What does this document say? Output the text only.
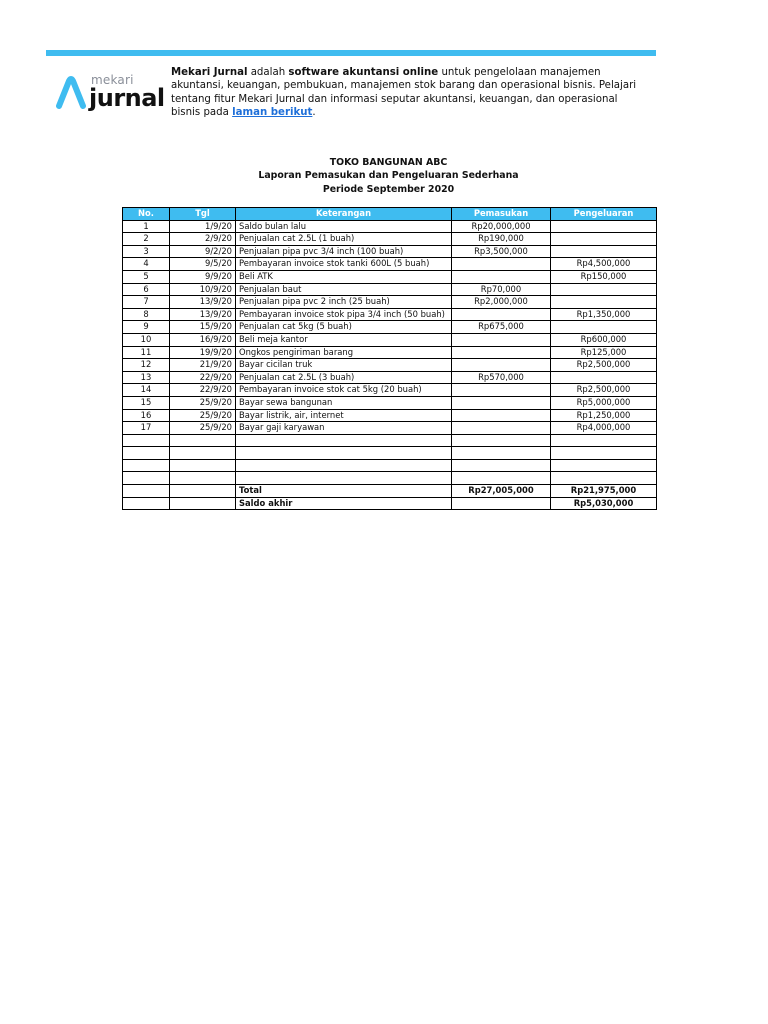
mekari
jurnal
Mekari Jurnal adalah software akuntansi online untuk pengelolaan manajemen akuntansi, keuangan, pembukuan, manajemen stok barang dan operasional bisnis. Pelajari tentang fitur Mekari Jurnal dan informasi seputar akuntansi, keuangan, dan operasional bisnis pada laman berikut.
TOKO BANGUNAN ABC
Laporan Pemasukan dan Pengeluaran Sederhana
Periode September 2020
No.	Tgl	Keterangan	Pemasukan	Pengeluaran
1	1/9/20	Saldo bulan lalu	Rp20,000,000	
2	2/9/20	Penjualan cat 2.5L (1 buah)	Rp190,000	
3	9/2/20	Penjualan pipa pvc 3/4 inch (100 buah)	Rp3,500,000	
4	9/5/20	Pembayaran invoice stok tanki 600L (5 buah)		Rp4,500,000
5	9/9/20	Beli ATK		Rp150,000
6	10/9/20	Penjualan baut	Rp70,000	
7	13/9/20	Penjualan pipa pvc 2 inch (25 buah)	Rp2,000,000	
8	13/9/20	Pembayaran invoice stok pipa 3/4 inch (50 buah)		Rp1,350,000
9	15/9/20	Penjualan cat 5kg (5 buah)	Rp675,000	
10	16/9/20	Beli meja kantor		Rp600,000
11	19/9/20	Ongkos pengiriman barang		Rp125,000
12	21/9/20	Bayar cicilan truk		Rp2,500,000
13	22/9/20	Penjualan cat 2.5L (3 buah)	Rp570,000	
14	22/9/20	Pembayaran invoice stok cat 5kg (20 buah)		Rp2,500,000
15	25/9/20	Bayar sewa bangunan		Rp5,000,000
16	25/9/20	Bayar listrik, air, internet		Rp1,250,000
17	25/9/20	Bayar gaji karyawan		Rp4,000,000

		Total	Rp27,005,000	Rp21,975,000
		Saldo akhir		Rp5,030,000
